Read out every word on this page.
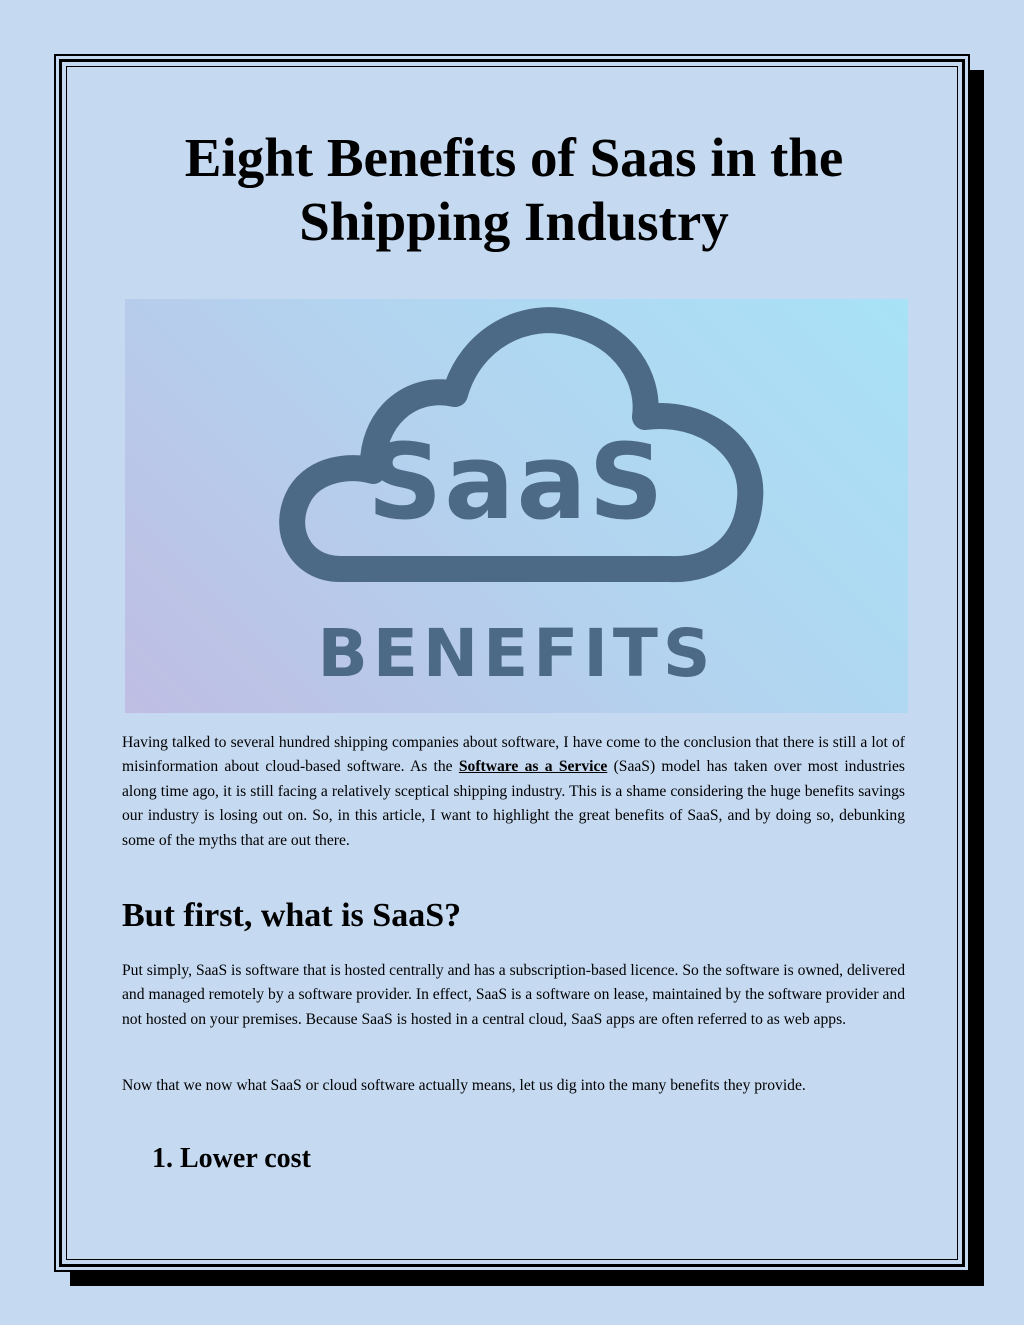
Eight Benefits of Saas in the Shipping Industry
SaaS
BENEFITS

Having talked to several hundred shipping companies about software, I have come to the conclusion that there is still a lot of misinformation about cloud-based software. As the Software as a Service (SaaS) model has taken over most industries along time ago, it is still facing a relatively sceptical shipping industry. This is a shame considering the huge benefits savings our industry is losing out on. So, in this article, I want to highlight the great benefits of SaaS, and by doing so, debunking some of the myths that are out there.

But first, what is SaaS?

Put simply, SaaS is software that is hosted centrally and has a subscription-based licence. So the software is owned, delivered and managed remotely by a software provider. In effect, SaaS is a software on lease, maintained by the software provider and not hosted on your premises. Because SaaS is hosted in a central cloud, SaaS apps are often referred to as web apps.

Now that we now what SaaS or cloud software actually means, let us dig into the many benefits they provide.

1. Lower cost
